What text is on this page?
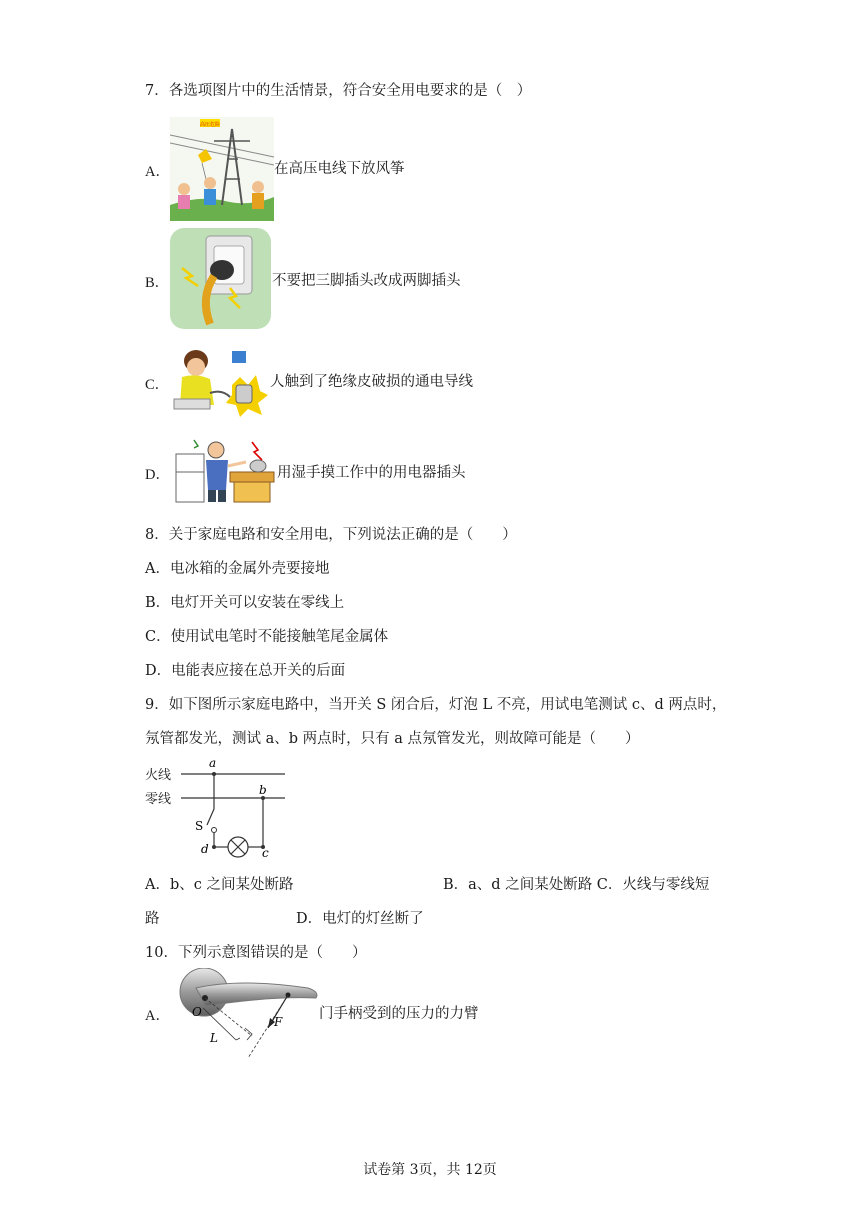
7．各选项图片中的生活情景，符合安全用电要求的是（　）
A．
高压危险
在高压电线下放风筝
B．	不要把三脚插头改成两脚插头
C．	人触到了绝缘皮破损的通电导线
D．	用湿手摸工作中的用电器插头
8．关于家庭电路和安全用电，下列说法正确的是（　　）
A．电冰箱的金属外壳要接地
B．电灯开关可以安装在零线上
C．使用试电笔时不能接触笔尾金属体
D．电能表应接在总开关的后面
9．如下图所示家庭电路中，当开关 S 闭合后，灯泡 L 不亮，用试电笔测试 c、d 两点时，
氖管都发光，测试 a、b 两点时，只有 a 点氖管发光，则故障可能是（　　）
火线
零线
a
b
S
d	c
A．b、c 之间某处断路	B．a、d 之间某处断路 C．火线与零线短
路	D．电灯的灯丝断了
10．下列示意图错误的是（　　）
A． O
F
L
门手柄受到的压力的力臂
试卷第 3页，共 12页
